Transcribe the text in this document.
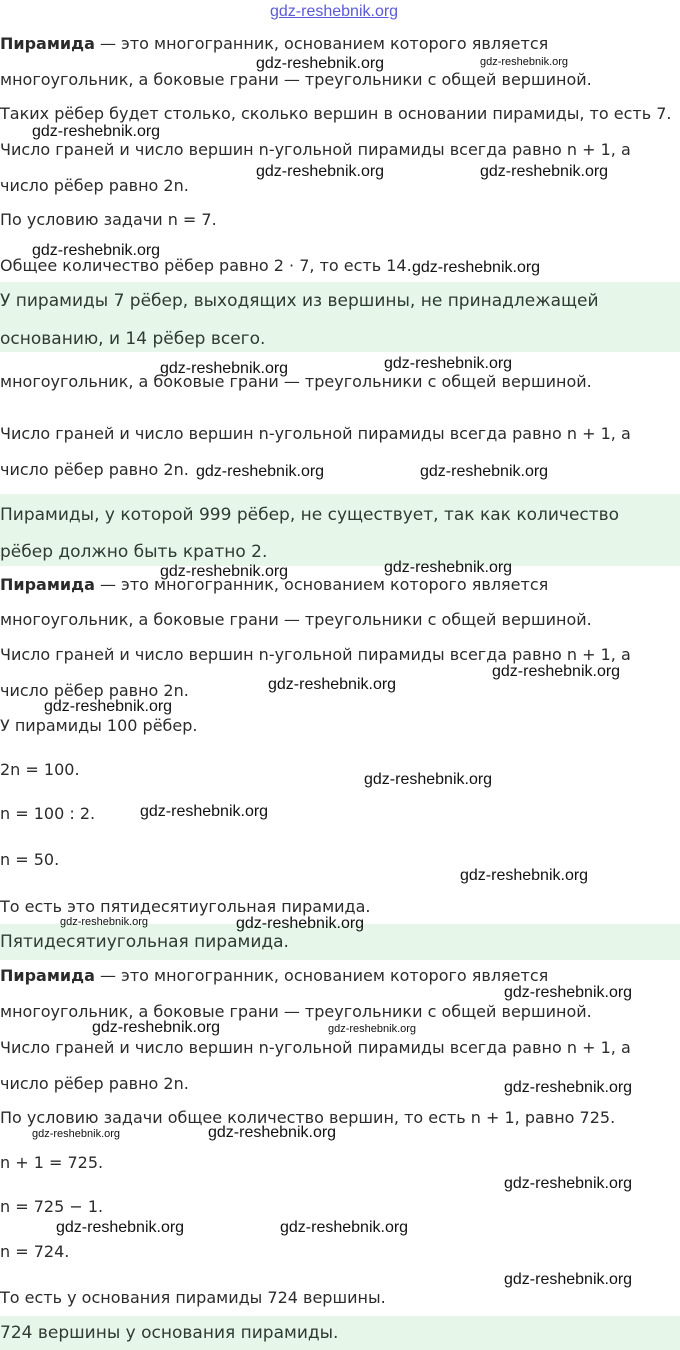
gdz-reshebnik.org
Пирамида — это многогранник, основанием которого является
многоугольник, а боковые грани — треугольники с общей вершиной.
Таких рёбер будет столько, сколько вершин в основании пирамиды, то есть 7.
Число граней и число вершин n-угольной пирамиды всегда равно n + 1, а
число рёбер равно 2n.
По условию задачи n = 7.
Общее количество рёбер равно 2 · 7, то есть 14.
У пирамиды 7 рёбер, выходящих из вершины, не принадлежащей
основанию, и 14 рёбер всего.
многоугольник, а боковые грани — треугольники с общей вершиной.
Число граней и число вершин n-угольной пирамиды всегда равно n + 1, а
число рёбер равно 2n.
Пирамиды, у которой 999 рёбер, не существует, так как количество
рёбер должно быть кратно 2.
Пирамида — это многогранник, основанием которого является
многоугольник, а боковые грани — треугольники с общей вершиной.
Число граней и число вершин n-угольной пирамиды всегда равно n + 1, а
число рёбер равно 2n.
У пирамиды 100 рёбер.
2n = 100.
n = 100 : 2.
n = 50.
То есть это пятидесятиугольная пирамида.
Пятидесятиугольная пирамида.
Пирамида — это многогранник, основанием которого является
многоугольник, а боковые грани — треугольники с общей вершиной.
Число граней и число вершин n-угольной пирамиды всегда равно n + 1, а
число рёбер равно 2n.
По условию задачи общее количество вершин, то есть n + 1, равно 725.
n + 1 = 725.
n = 725 − 1.
n = 724.
То есть у основания пирамиды 724 вершины.
724 вершины у основания пирамиды.
gdz-reshebnik.org	gdz-reshebnik.org
gdz-reshebnik.org
gdz-reshebnik.org	gdz-reshebnik.org
gdz-reshebnik.org
gdz-reshebnik.org
gdz-reshebnik.org	gdz-reshebnik.org
gdz-reshebnik.org	gdz-reshebnik.org
gdz-reshebnik.org	gdz-reshebnik.org
gdz-reshebnik.org
gdz-reshebnik.org
gdz-reshebnik.org
gdz-reshebnik.org
gdz-reshebnik.org
gdz-reshebnik.org
gdz-reshebnik.org	gdz-reshebnik.org
gdz-reshebnik.org
gdz-reshebnik.org	gdz-reshebnik.org
gdz-reshebnik.org
gdz-reshebnik.org	gdz-reshebnik.org
gdz-reshebnik.org
gdz-reshebnik.org	gdz-reshebnik.org
gdz-reshebnik.org
